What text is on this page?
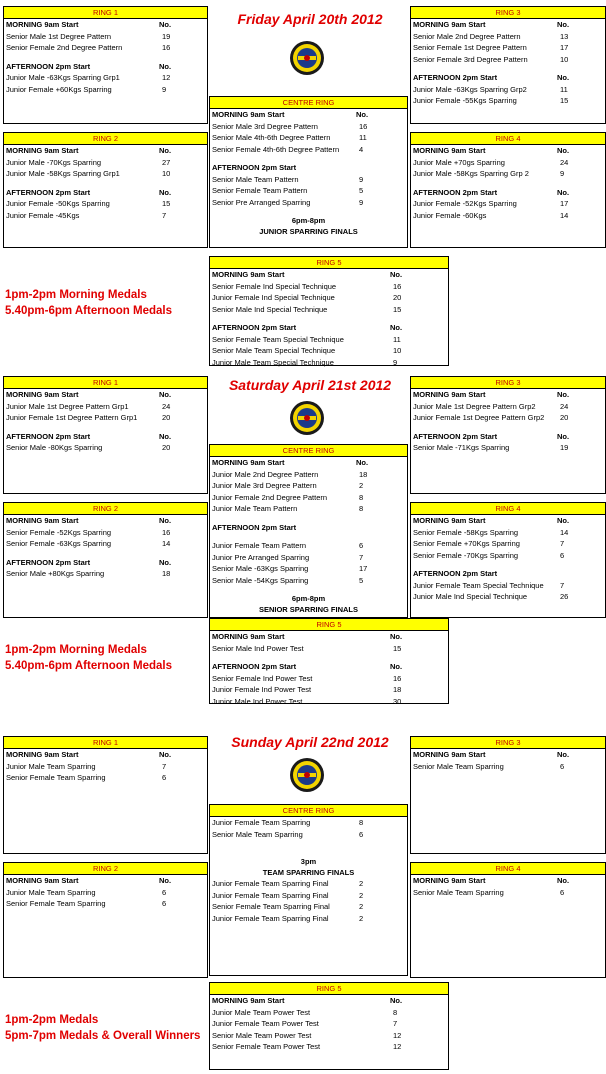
RING 1
MORNING 9am Start	No.
Senior Male 1st Degree Pattern	19
Senior Female 2nd Degree Pattern	16
AFTERNOON 2pm Start	No.
Junior Male -63Kgs Sparring Grp1	12
Junior Female +60Kgs Sparring	9
RING 2
MORNING 9am Start	No.
Junior Male -70Kgs Sparring	27
Junior Male -58Kgs Sparring Grp1	10
AFTERNOON 2pm Start	No.
Junior Female -50Kgs Sparring	15
Junior Female -45Kgs	7
RING 3
MORNING 9am Start	No.
Senior Male 2nd Degree Pattern	13
Senior Female 1st Degree Pattern	17
Senior Female 3rd Degree Pattern	10
AFTERNOON 2pm Start	No.
Junior Male -63Kgs Sparring Grp2	11
Junior Female -55Kgs Sparring	15
RING 4
MORNING 9am Start	No.
Junior Male +70gs Sparring	24
Junior Male -58Kgs Sparring Grp 2	9
AFTERNOON 2pm Start	No.
Junior Female -52Kgs Sparring	17
Junior Female -60Kgs	14
CENTRE RING
MORNING 9am Start	No.
Senior Male 3rd Degree Pattern	16
Senior Male 4th-6th Degree Pattern	11
Senior Female 4th-6th Degree Pattern	4
AFTERNOON 2pm Start
Senior Male Team Pattern	9
Senior Female Team Pattern	5
Senior Pre Arranged Sparring	9
6pm-8pm
JUNIOR SPARRING FINALS
RING 5
MORNING 9am Start	No.
Senior Female Ind Special Technique	16
Junior Female Ind Special Technique	20
Senior Male Ind Special Technique	15
AFTERNOON 2pm Start	No.
Senior Female Team Special Technique	11
Senior Male Team Special Technique	10
Junior Male Team Special Technique	9
Friday April 20th 2012
1pm-2pm Morning Medals
5.40pm-6pm Afternoon Medals
RING 1
MORNING 9am Start	No.
Junior Male 1st Degree Pattern Grp1	24
Junior Female 1st Degree Pattern Grp1	20
AFTERNOON 2pm Start	No.
Senior Male -80Kgs Sparring	20
RING 2
MORNING 9am Start	No.
Senior Female -52Kgs Sparring	16
Senior Female -63Kgs Sparring	14
AFTERNOON 2pm Start	No.
Senior Male +80Kgs Sparring	18
RING 3
MORNING 9am Start	No.
Junior Male 1st Degree Pattern Grp2	24
Junior Female 1st Degree Pattern Grp2 20
AFTERNOON 2pm Start	No.
Senior Male -71Kgs Sparring	19
RING 4
MORNING 9am Start	No.
Senior Female -58Kgs Sparring	14
Senior Female +70Kgs Sparring	7
Senior Female -70Kgs Sparring	6
AFTERNOON 2pm Start
Junior Female Team Special Technique 7
Junior Male Ind Special Technique	26
CENTRE RING
MORNING 9am Start	No.
Junior Male 2nd Degree Pattern	18
Junior Male 3rd Degree Pattern	2
Junior Female 2nd Degree Pattern	8
Junior Male Team Pattern	8
AFTERNOON 2pm Start
Junior Female Team Pattern	6
Junior Pre Arranged Sparring	7
Senior Male -63Kgs Sparring	17
Senior Male -54Kgs Sparring	5
6pm-8pm
SENIOR SPARRING FINALS
RING 5
MORNING 9am Start	No.
Senior Male Ind Power Test	15
AFTERNOON 2pm Start	No.
Senior Female Ind Power Test	16
Junior Female Ind Power Test	18
Junior Male Ind Power Test	30
Saturday April 21st 2012
1pm-2pm Morning Medals
5.40pm-6pm Afternoon Medals
RING 1
MORNING 9am Start	No.
Junior Male Team Sparring	7
Senior Female Team Sparring	6
RING 2
MORNING 9am Start	No.
Junior Male Team Sparring	6
Senior Female Team Sparring	6
RING 3
MORNING 9am Start	No.
Senior Male Team Sparring	6
RING 4
MORNING 9am Start	No.
Senior Male Team Sparring	6
CENTRE RING
Junior Female Team Sparring	8
Senior Male Team Sparring	6
3pm
TEAM SPARRING FINALS
Junior Female Team Sparring Final	2
Junior Female Team Sparring Final	2
Senior Female Team Sparring Final	2
Junior Female Team Sparring Final	2
RING 5
MORNING 9am Start	No.
Junior Male Team Power Test	8
Junior Female Team Power Test	7
Senior Male Team Power Test	12
Senior Female Team Power Test	12
Sunday April 22nd 2012
1pm-2pm Medals
5pm-7pm Medals & Overall Winners
